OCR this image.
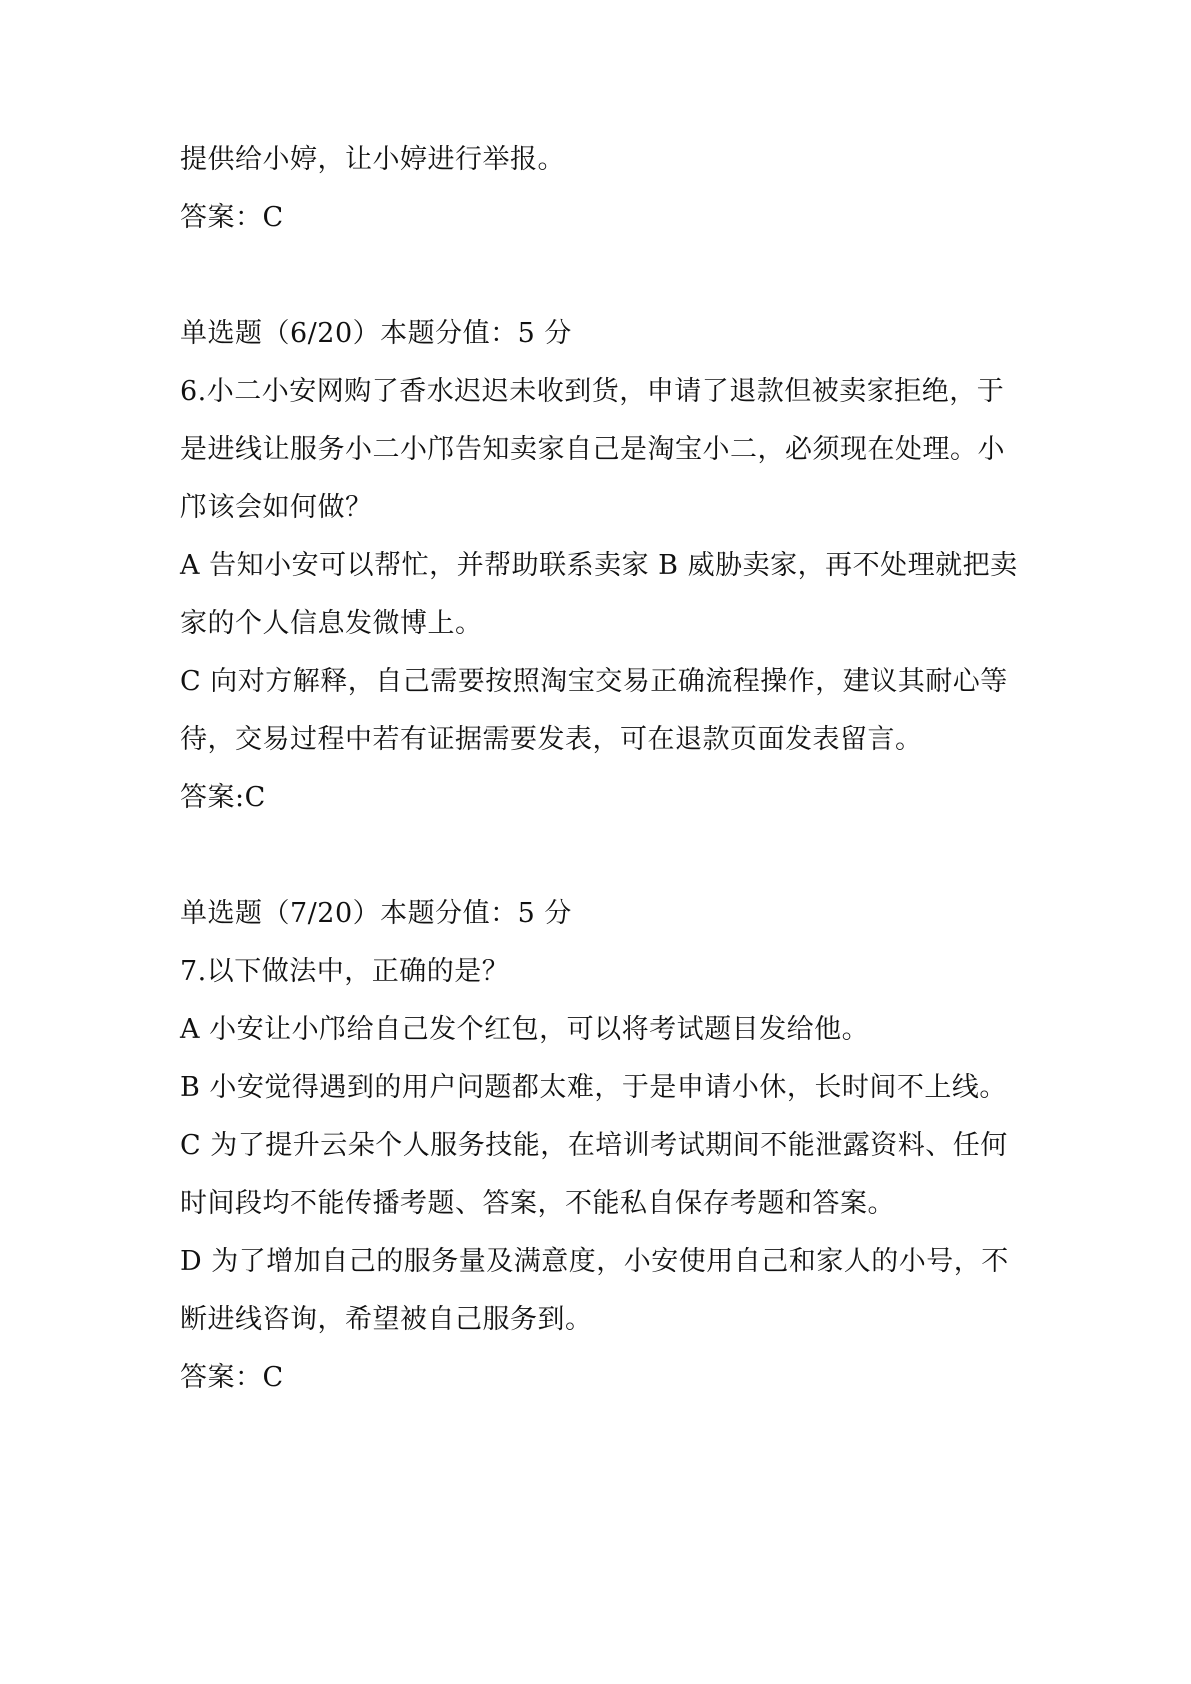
提供给小婷，让小婷进行举报。
答案：C
单选题（6/20）本题分值：5 分
6.小二小安网购了香水迟迟未收到货，申请了退款但被卖家拒绝，于
是进线让服务小二小邝告知卖家自己是淘宝小二，必须现在处理。小
邝该会如何做？
A 告知小安可以帮忙，并帮助联系卖家 B 威胁卖家，再不处理就把卖
家的个人信息发微博上。
C 向对方解释，自己需要按照淘宝交易正确流程操作，建议其耐心等
待，交易过程中若有证据需要发表，可在退款页面发表留言。
答案:C
单选题（7/20）本题分值：5 分
7.以下做法中，正确的是？
A 小安让小邝给自己发个红包，可以将考试题目发给他。
B 小安觉得遇到的用户问题都太难，于是申请小休，长时间不上线。
C 为了提升云朵个人服务技能，在培训考试期间不能泄露资料、任何
时间段均不能传播考题、答案，不能私自保存考题和答案。
D 为了增加自己的服务量及满意度，小安使用自己和家人的小号，不
断进线咨询，希望被自己服务到。
答案：C
